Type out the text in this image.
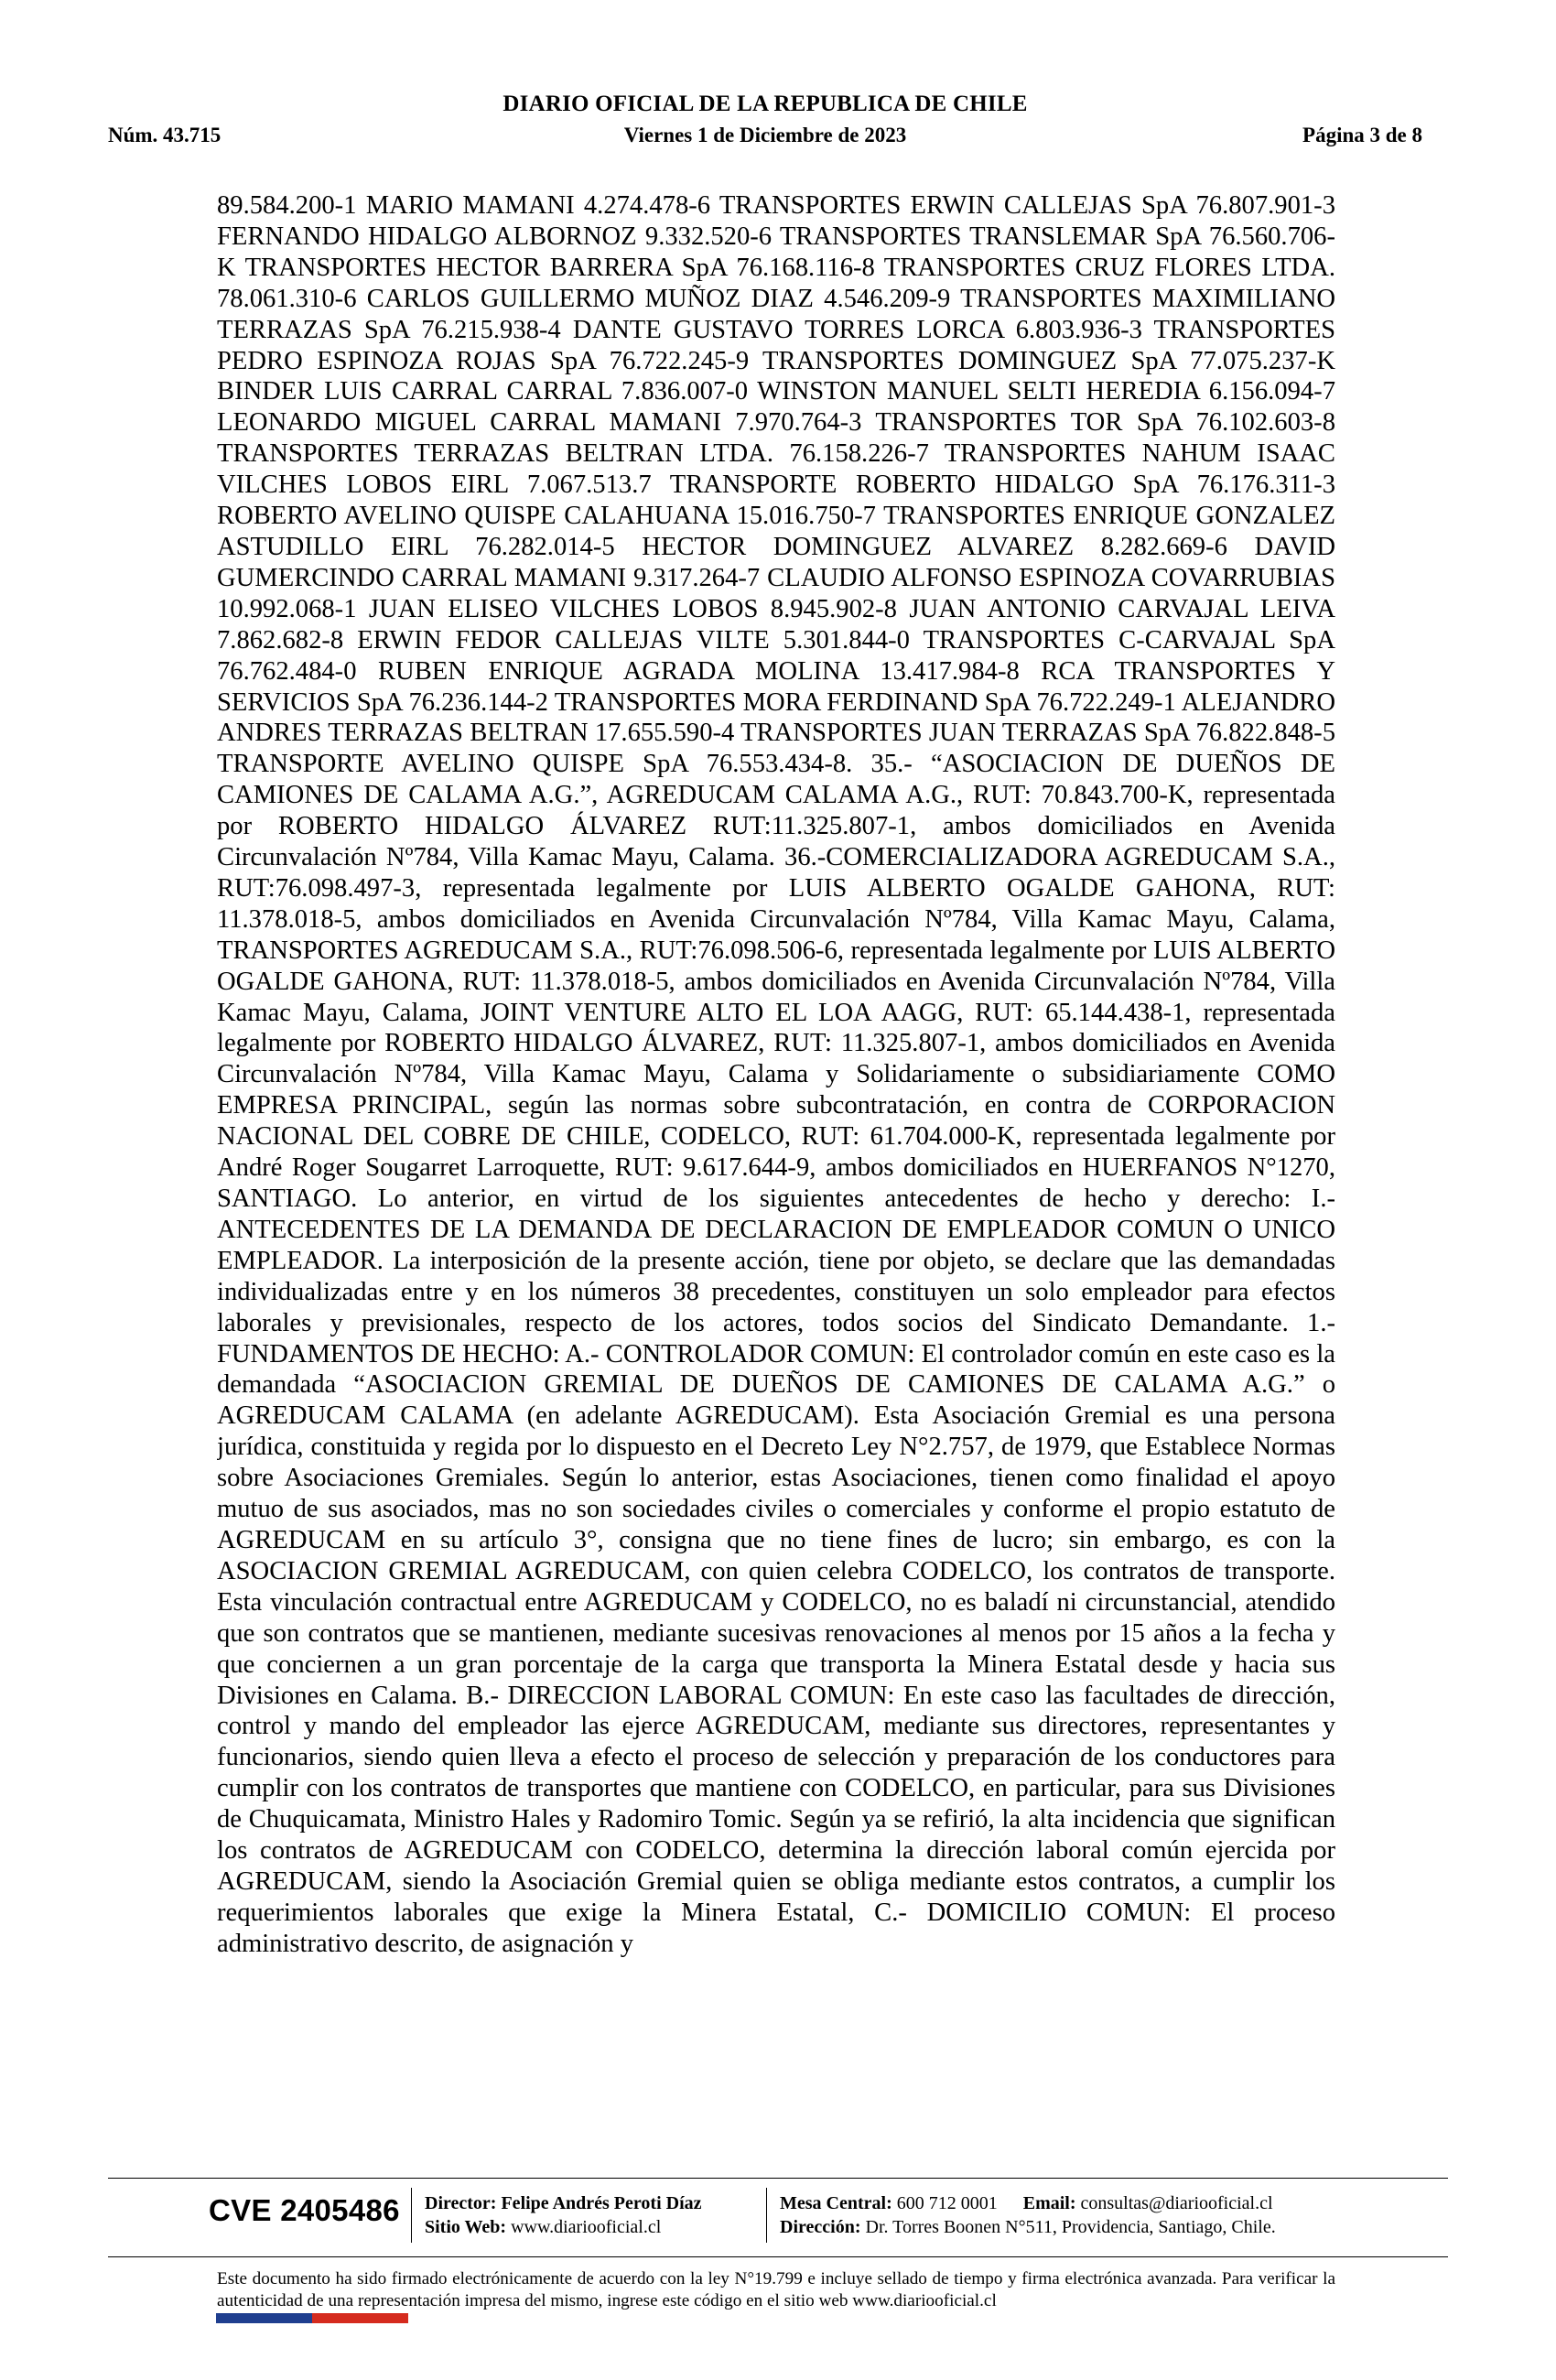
DIARIO OFICIAL DE LA REPUBLICA DE CHILE
Núm. 43.715	Viernes 1 de Diciembre de 2023	Página 3 de 8
89.584.200-1 MARIO MAMANI 4.274.478-6 TRANSPORTES ERWIN CALLEJAS SpA 76.807.901-3 FERNANDO HIDALGO ALBORNOZ 9.332.520-6 TRANSPORTES TRANSLEMAR SpA 76.560.706-K TRANSPORTES HECTOR BARRERA SpA 76.168.116-8 TRANSPORTES CRUZ FLORES LTDA. 78.061.310-6 CARLOS GUILLERMO MUÑOZ DIAZ 4.546.209-9 TRANSPORTES MAXIMILIANO TERRAZAS SpA 76.215.938-4 DANTE GUSTAVO TORRES LORCA 6.803.936-3 TRANSPORTES PEDRO ESPINOZA ROJAS SpA 76.722.245-9 TRANSPORTES DOMINGUEZ SpA 77.075.237-K BINDER LUIS CARRAL CARRAL 7.836.007-0 WINSTON MANUEL SELTI HEREDIA 6.156.094-7 LEONARDO MIGUEL CARRAL MAMANI 7.970.764-3 TRANSPORTES TOR SpA 76.102.603-8 TRANSPORTES TERRAZAS BELTRAN LTDA. 76.158.226-7 TRANSPORTES NAHUM ISAAC VILCHES LOBOS EIRL 7.067.513.7 TRANSPORTE ROBERTO HIDALGO SpA 76.176.311-3 ROBERTO AVELINO QUISPE CALAHUANA 15.016.750-7 TRANSPORTES ENRIQUE GONZALEZ ASTUDILLO EIRL 76.282.014-5 HECTOR DOMINGUEZ ALVAREZ 8.282.669-6 DAVID GUMERCINDO CARRAL MAMANI 9.317.264-7 CLAUDIO ALFONSO ESPINOZA COVARRUBIAS 10.992.068-1 JUAN ELISEO VILCHES LOBOS 8.945.902-8 JUAN ANTONIO CARVAJAL LEIVA 7.862.682-8 ERWIN FEDOR CALLEJAS VILTE 5.301.844-0 TRANSPORTES C-CARVAJAL SpA 76.762.484-0 RUBEN ENRIQUE AGRADA MOLINA 13.417.984-8 RCA TRANSPORTES Y SERVICIOS SpA 76.236.144-2 TRANSPORTES MORA FERDINAND SpA 76.722.249-1 ALEJANDRO ANDRES TERRAZAS BELTRAN 17.655.590-4 TRANSPORTES JUAN TERRAZAS SpA 76.822.848-5 TRANSPORTE AVELINO QUISPE SpA 76.553.434-8. 35.- “ASOCIACION DE DUEÑOS DE CAMIONES DE CALAMA A.G.”, AGREDUCAM CALAMA A.G., RUT: 70.843.700-K, representada por ROBERTO HIDALGO ÁLVAREZ RUT:11.325.807-1, ambos domiciliados en Avenida Circunvalación Nº784, Villa Kamac Mayu, Calama. 36.-COMERCIALIZADORA AGREDUCAM S.A., RUT:76.098.497-3, representada legalmente por LUIS ALBERTO OGALDE GAHONA, RUT: 11.378.018-5, ambos domiciliados en Avenida Circunvalación Nº784, Villa Kamac Mayu, Calama, TRANSPORTES AGREDUCAM S.A., RUT:76.098.506-6, representada legalmente por LUIS ALBERTO OGALDE GAHONA, RUT: 11.378.018-5, ambos domiciliados en Avenida Circunvalación Nº784, Villa Kamac Mayu, Calama, JOINT VENTURE ALTO EL LOA AAGG, RUT: 65.144.438-1, representada legalmente por ROBERTO HIDALGO ÁLVAREZ, RUT: 11.325.807-1, ambos domiciliados en Avenida Circunvalación Nº784, Villa Kamac Mayu, Calama y Solidariamente o subsidiariamente COMO EMPRESA PRINCIPAL, según las normas sobre subcontratación, en contra de CORPORACION NACIONAL DEL COBRE DE CHILE, CODELCO, RUT: 61.704.000-K, representada legalmente por André Roger Sougarret Larroquette, RUT: 9.617.644-9, ambos domiciliados en HUERFANOS N°1270, SANTIAGO. Lo anterior, en virtud de los siguientes antecedentes de hecho y derecho: I.- ANTECEDENTES DE LA DEMANDA DE DECLARACION DE EMPLEADOR COMUN O UNICO EMPLEADOR. La interposición de la presente acción, tiene por objeto, se declare que las demandadas individualizadas entre y en los números 38 precedentes, constituyen un solo empleador para efectos laborales y previsionales, respecto de los actores, todos socios del Sindicato Demandante. 1.- FUNDAMENTOS DE HECHO: A.- CONTROLADOR COMUN: El controlador común en este caso es la demandada “ASOCIACION GREMIAL DE DUEÑOS DE CAMIONES DE CALAMA A.G.” o AGREDUCAM CALAMA (en adelante AGREDUCAM). Esta Asociación Gremial es una persona jurídica, constituida y regida por lo dispuesto en el Decreto Ley N°2.757, de 1979, que Establece Normas sobre Asociaciones Gremiales. Según lo anterior, estas Asociaciones, tienen como finalidad el apoyo mutuo de sus asociados, mas no son sociedades civiles o comerciales y conforme el propio estatuto de AGREDUCAM en su artículo 3°, consigna que no tiene fines de lucro; sin embargo, es con la ASOCIACION GREMIAL AGREDUCAM, con quien celebra CODELCO, los contratos de transporte. Esta vinculación contractual entre AGREDUCAM y CODELCO, no es baladí ni circunstancial, atendido que son contratos que se mantienen, mediante sucesivas renovaciones al menos por 15 años a la fecha y que conciernen a un gran porcentaje de la carga que transporta la Minera Estatal desde y hacia sus Divisiones en Calama. B.- DIRECCION LABORAL COMUN: En este caso las facultades de dirección, control y mando del empleador las ejerce AGREDUCAM, mediante sus directores, representantes y funcionarios, siendo quien lleva a efecto el proceso de selección y preparación de los conductores para cumplir con los contratos de transportes que mantiene con CODELCO, en particular, para sus Divisiones de Chuquicamata, Ministro Hales y Radomiro Tomic. Según ya se refirió, la alta incidencia que significan los contratos de AGREDUCAM con CODELCO, determina la dirección laboral común ejercida por AGREDUCAM, siendo la Asociación Gremial quien se obliga mediante estos contratos, a cumplir los requerimientos laborales que exige la Minera Estatal, C.- DOMICILIO COMUN: El proceso administrativo descrito, de asignación y
CVE 2405486 Director: Felipe Andrés Peroti Díaz
Sitio Web: www.diariooficial.cl
Mesa Central: 600 712 0001 Email: consultas@diariooficial.cl
Dirección: Dr. Torres Boonen N°511, Providencia, Santiago, Chile.
Este documento ha sido firmado electrónicamente de acuerdo con la ley N°19.799 e incluye sellado de tiempo y firma electrónica avanzada. Para verificar la autenticidad de una representación impresa del mismo, ingrese este código en el sitio web www.diariooficial.cl
